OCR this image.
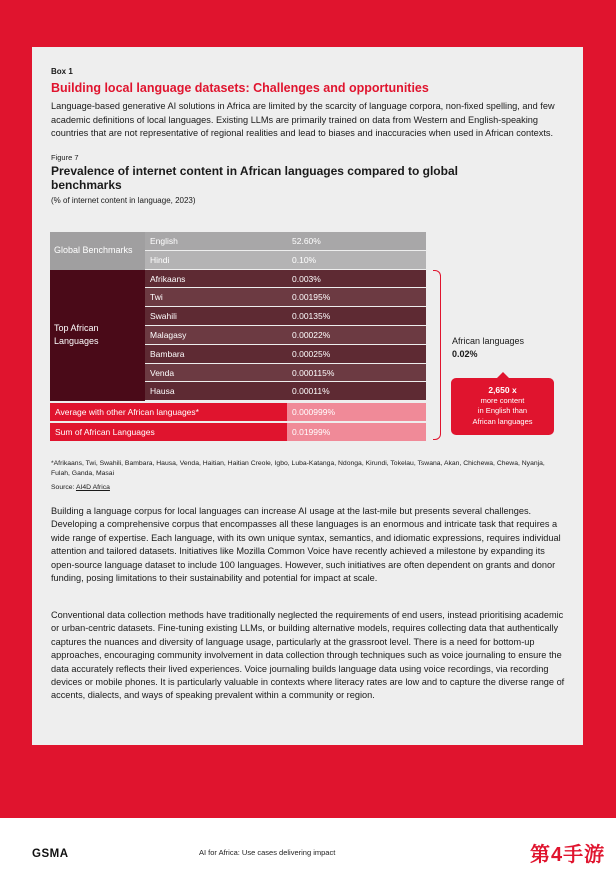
Box 1

Building local language datasets: Challenges and opportunities

Language-based generative AI solutions in Africa are limited by the scarcity of language corpora, non-fixed spelling, and few academic definitions of local languages. Existing LLMs are primarily trained on data from Western and English-speaking countries that are not representative of regional realities and lead to biases and inaccuracies when used in African contexts.

Figure 7

Prevalence of internet content in African languages compared to global benchmarks

(% of internet content in language, 2023)

Global Benchmarks
English	52.60%
Hindi	0.10%
Top African Languages
Afrikaans	0.003%
Twi	0.00195%
Swahili	0.00135%
Malagasy	0.00022%
Bambara	0.00025%
Venda	0.000115%
Hausa	0.00011%
Average with other African languages*	0.000999%
Sum of African Languages	0.01999%
African languages
0.02%
2,650 x
more content
in English than
African languages

*Afrikaans, Twi, Swahili, Bambara, Hausa, Venda, Haitian, Haitian Creole, Igbo, Luba-Katanga, Ndonga, Kirundi, Tokelau, Tswana, Akan, Chichewa, Chewa, Nyanja, Fulah, Ganda, Masai

Source: AI4D Africa

Building a language corpus for local languages can increase AI usage at the last-mile but presents several challenges. Developing a comprehensive corpus that encompasses all these languages is an enormous and intricate task that requires a wide range of expertise. Each language, with its own unique syntax, semantics, and idiomatic expressions, requires individual attention and tailored datasets. Initiatives like Mozilla Common Voice have recently achieved a milestone by expanding its open-source language dataset to include 100 languages. However, such initiatives are often dependent on grants and donor funding, posing limitations to their sustainability and potential for impact at scale.

Conventional data collection methods have traditionally neglected the requirements of end users, instead prioritising academic or urban-centric datasets. Fine-tuning existing LLMs, or building alternative models, requires collecting data that authentically captures the nuances and diversity of language usage, particularly at the grassroot level. There is a need for bottom-up approaches, encouraging community involvement in data collection through techniques such as voice journaling to ensure the data accurately reflects their lived experiences. Voice journaling builds language data using voice recordings, via recording devices or mobile phones. It is particularly valuable in contexts where literacy rates are low and to capture the diverse range of accents, dialects, and ways of speaking prevalent within a community or region.

GSMA	AI for Africa: Use cases delivering impact	第4手游
